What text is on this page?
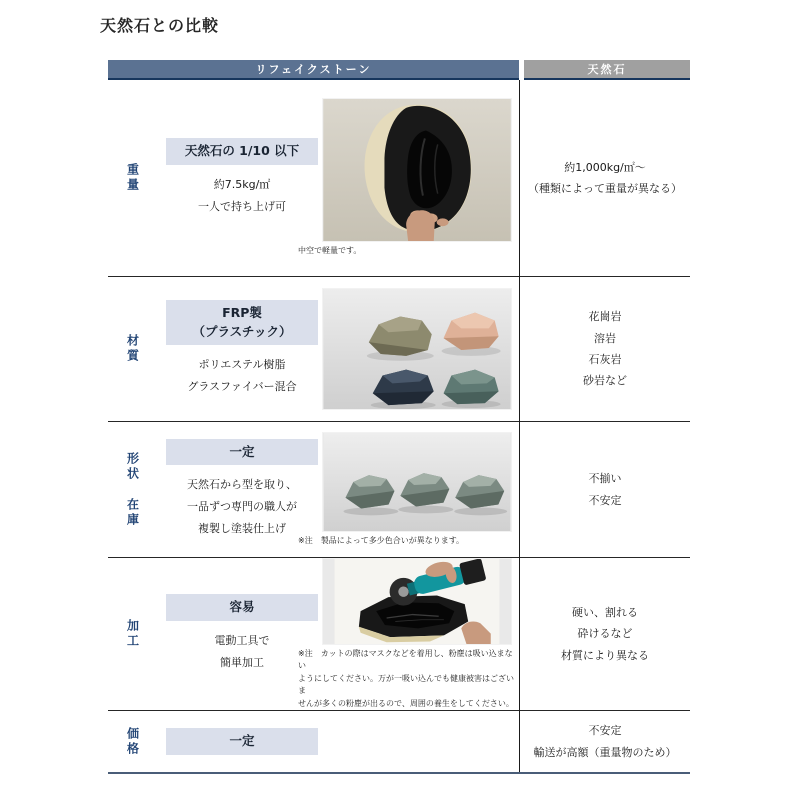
天然石との比較
リフェイクストーン	天然石
重量
天然石の 1/10 以下
約7.5kg/㎡
一人で持ち上げ可
中空で軽量です。
約1,000kg/㎡～
（種類によって重量が異なる）
材質
FRP製
（プラスチック）
ポリエステル樹脂
グラスファイバー混合
花崗岩
溶岩
石灰岩
砂岩など
形状
在庫
一定
天然石から型を取り、
一品ずつ専門の職人が
複製し塗装仕上げ
※注　製品によって多少色合いが異なります。
不揃い
不安定
加工
容易
電動工具で
簡単加工
※注　カットの際はマスクなどを着用し、粉塵は吸い込まない
ようにしてください。万が一吸い込んでも健康被害はございま
せんが多くの粉塵が出るので、周囲の養生をしてください。
硬い、割れる
砕けるなど
材質により異なる
価格	一定
不安定
輸送が高額（重量物のため）
